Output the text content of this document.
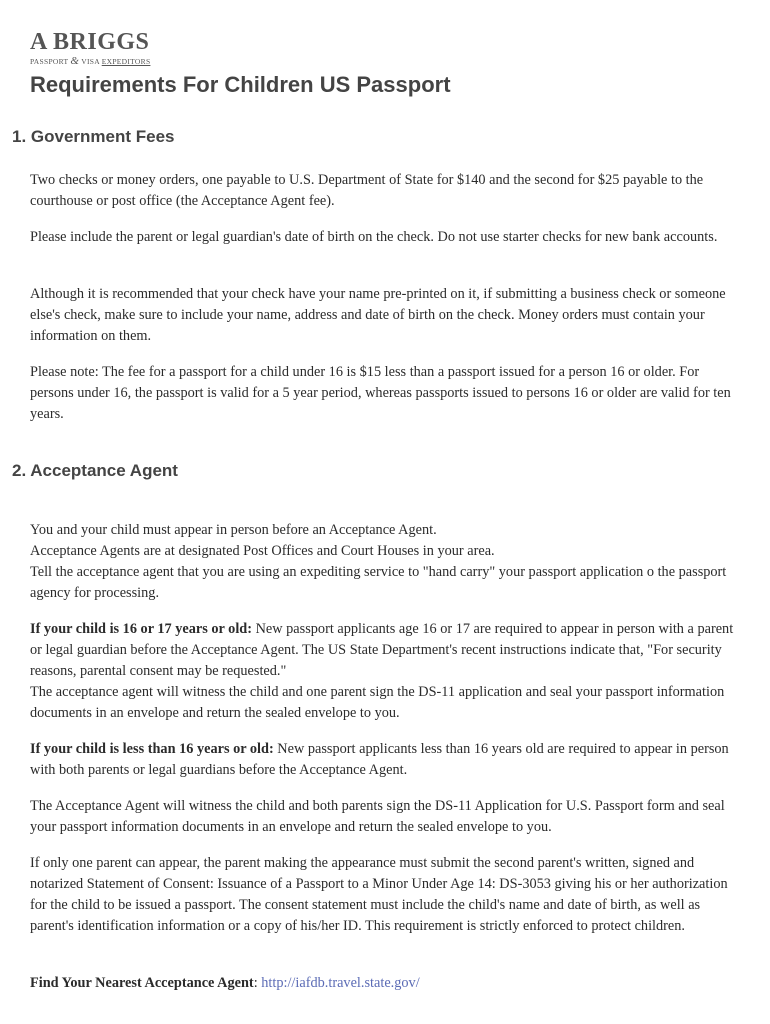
A BRIGGS
PASSPORT & VISA EXPEDITORS
Requirements For Children US Passport
1. Government Fees

Two checks or money orders, one payable to U.S. Department of State for $140 and the second for $25 payable to the courthouse or post office (the Acceptance Agent fee).

Please include the parent or legal guardian's date of birth on the check. Do not use starter checks for new bank accounts.

Although it is recommended that your check have your name pre-printed on it, if submitting a business check or someone else's check, make sure to include your name, address and date of birth on the check. Money orders must contain your information on them.

Please note: The fee for a passport for a child under 16 is $15 less than a passport issued for a person 16 or older. For persons under 16, the passport is valid for a 5 year period, whereas passports issued to persons 16 or older are valid for ten years.

2. Acceptance Agent
You and your child must appear in person before an Acceptance Agent.
Acceptance Agents are at designated Post Offices and Court Houses in your area.
Tell the acceptance agent that you are using an expediting service to "hand carry" your passport application o the passport agency for processing.
If your child is 16 or 17 years or old: New passport applicants age 16 or 17 are required to appear in person with a parent or legal guardian before the Acceptance Agent. The US State Department's recent instructions indicate that, "For security reasons, parental consent may be requested."
The acceptance agent will witness the child and one parent sign the DS-11 application and seal your passport information documents in an envelope and return the sealed envelope to you.

If your child is less than 16 years or old: New passport applicants less than 16 years old are required to appear in person with both parents or legal guardians before the Acceptance Agent.

The Acceptance Agent will witness the child and both parents sign the DS-11 Application for U.S. Passport form and seal your passport information documents in an envelope and return the sealed envelope to you.

If only one parent can appear, the parent making the appearance must submit the second parent's written, signed and notarized Statement of Consent: Issuance of a Passport to a Minor Under Age 14: DS-3053 giving his or her authorization for the child to be issued a passport. The consent statement must include the child's name and date of birth, as well as parent's identification information or a copy of his/her ID. This requirement is strictly enforced to protect children.

Find Your Nearest Acceptance Agent: http://iafdb.travel.state.gov/
